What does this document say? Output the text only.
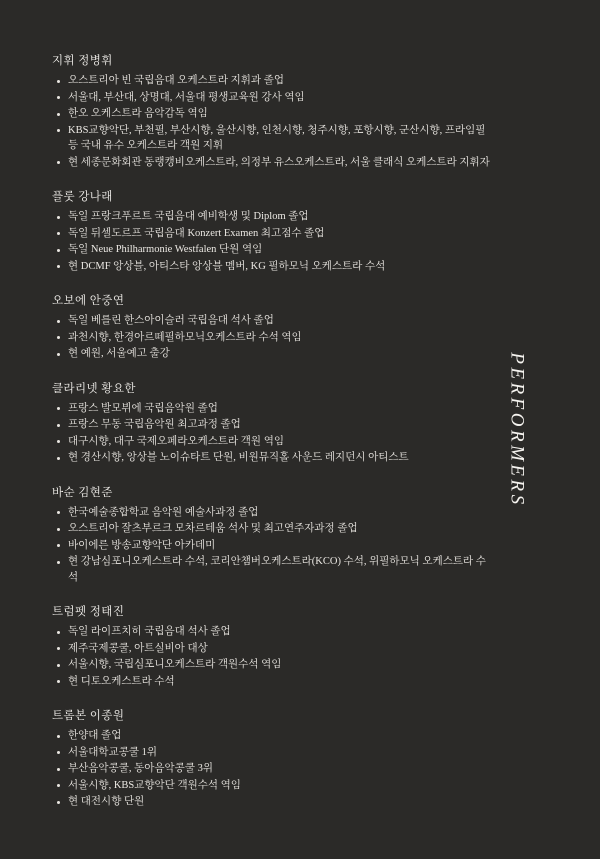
지휘 정병휘
오스트리아 빈 국립음대 오케스트라 지휘과 졸업
서울대, 부산대, 상명대, 서울대 평생교육원 강사 역임
한오 오케스트라 음악감독 역임
KBS교향악단, 부천필, 부산시향, 울산시향, 인천시향, 청주시향, 포항시향, 군산시향, 프라임필 등 국내 유수 오케스트라 객원 지휘
현 세종문화회관 동랭캥비오케스트라, 의정부 유스오케스트라, 서울 클래식 오케스트라 지휘자
플룻 강나래
독일 프랑크푸르트 국립음대 예비학생 및 Diplom 졸업
독일 뒤셀도르프 국립음대 Konzert Examen 최고점수 졸업
독일 Neue Philharmonie Westfalen 단원 역임
현 DCMF 앙상블, 아티스타 앙상블 멤버, KG 필하모닉 오케스트라 수석
오보에 안중연
독일 베를린 한스아이슬러 국립음대 석사 졸업
과천시향, 한경아르떼필하모닉오케스트라 수석 역임
현 예원, 서울예고 출강
클라리넷 황요한
프랑스 발모뷔에 국립음악원 졸업
프랑스 무동 국립음악원 최고과정 졸업
대구시향, 대구 국제오페라오케스트라 객원 역임
현 경산시향, 앙상블 노이슈타트 단원, 비원뮤직홀 사운드 레지던시 아티스트
바순 김현준
한국예술종합학교 음악원 예술사과정 졸업
오스트리아 잘츠부르크 모차르테움 석사 및 최고연주자과정 졸업
바이에른 방송교향악단 아카데미
현 강남심포니오케스트라 수석, 코리안챔버오케스트라(KCO) 수석, 위필하모닉 오케스트라 수석
트럼펫 정태진
독일 라이프치히 국립음대 석사 졸업
제주국제콩쿨, 아트실비아 대상
서울시향, 국립심포니오케스트라 객원수석 역임
현 디토오케스트라 수석
트롬본 이종원
한양대 졸업
서울대학교콩쿨 1위
부산음악콩쿨, 동아음악콩쿨 3위
서울시향, KBS교향악단 객원수석 역임
현 대전시향 단원
PERFORMERS
